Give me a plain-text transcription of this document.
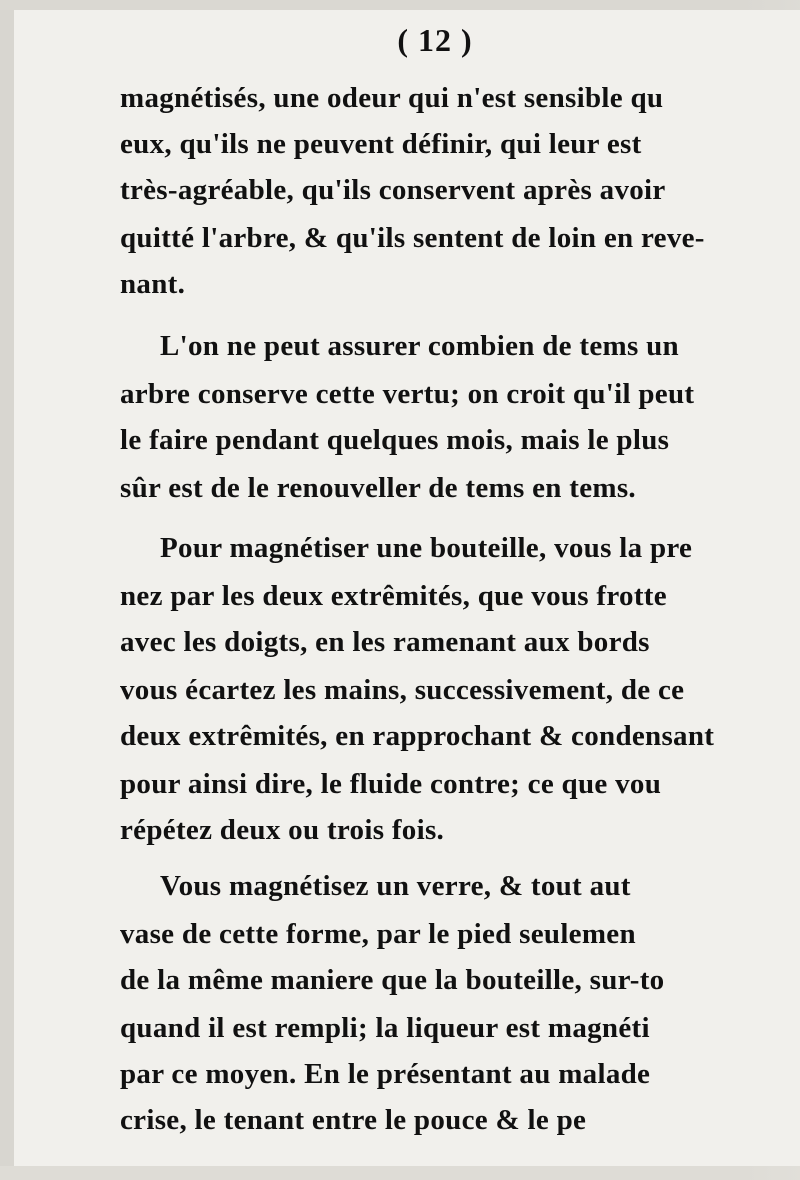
( 12 )
magnétisés, une odeur qui n'est sensible qu
eux, qu'ils ne peuvent définir, qui leur est
très-agréable, qu'ils conservent après avoir
quitté l'arbre, & qu'ils sentent de loin en reve-
nant.
L'on ne peut assurer combien de tems un
arbre conserve cette vertu; on croit qu'il peut
le faire pendant quelques mois, mais le plus
sûr est de le renouveller de tems en tems.
Pour magnétiser une bouteille, vous la pre
nez par les deux extrêmités, que vous frotte
avec les doigts, en les ramenant aux bords
vous écartez les mains, successivement, de ce
deux extrêmités, en rapprochant & condensant
pour ainsi dire, le fluide contre; ce que vou
répétez deux ou trois fois.
Vous magnétisez un verre, & tout aut
vase de cette forme, par le pied seulemen
de la même maniere que la bouteille, sur-to
quand il est rempli; la liqueur est magnéti
par ce moyen. En le présentant au malade
crise, le tenant entre le pouce & le pe
